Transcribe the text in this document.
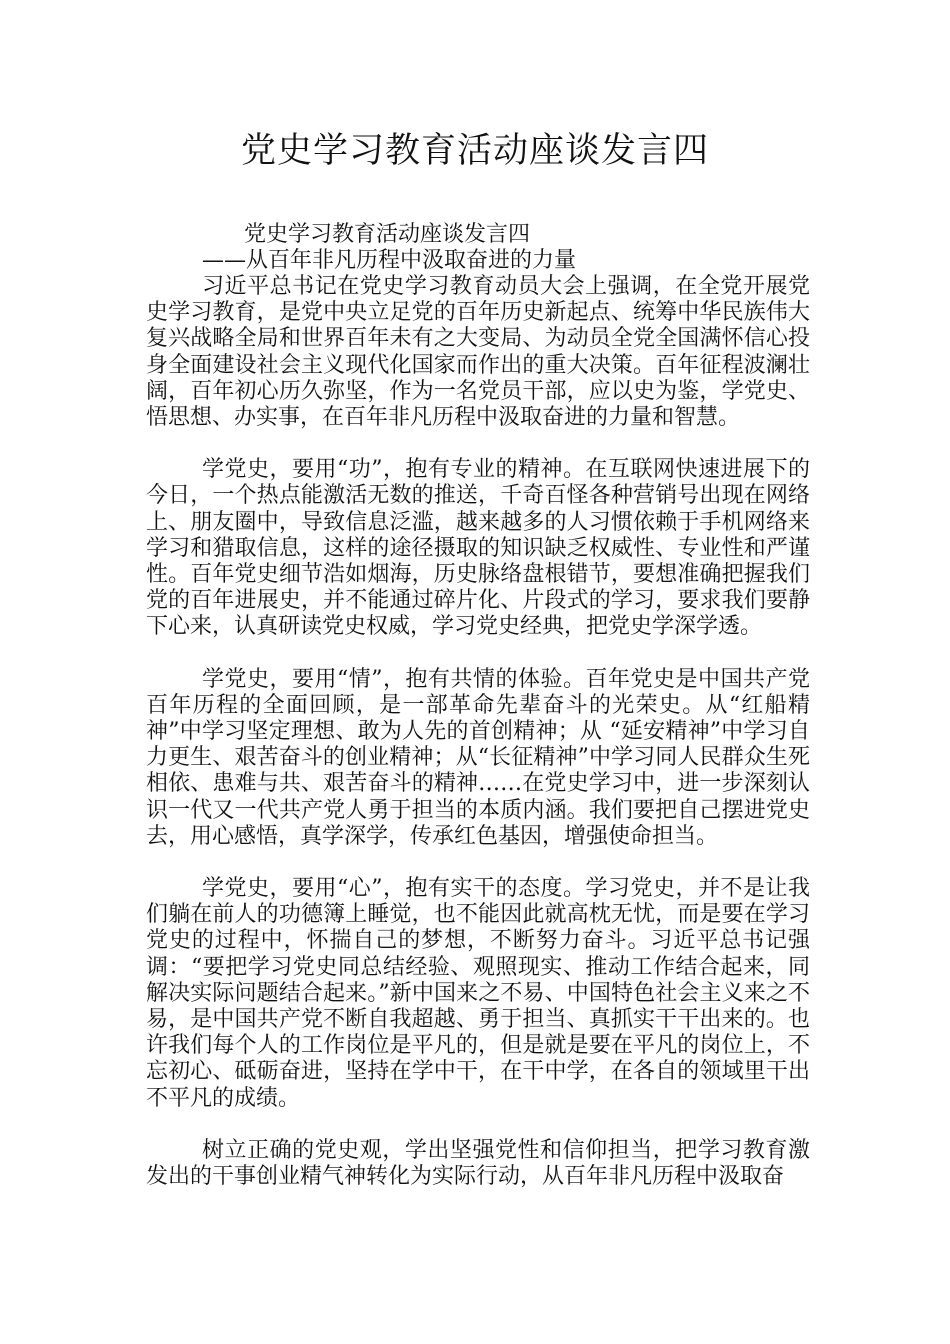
党史学习教育活动座谈发言四

党史学习教育活动座谈发言四

——从百年非凡历程中汲取奋进的力量

习近平总书记在党史学习教育动员大会上强调，在全党开展党史学习教育，是党中央立足党的百年历史新起点、统筹中华民族伟大复兴战略全局和世界百年未有之大变局、为动员全党全国满怀信心投身全面建设社会主义现代化国家而作出的重大决策。百年征程波澜壮阔，百年初心历久弥坚，作为一名党员干部，应以史为鉴，学党史、悟思想、办实事，在百年非凡历程中汲取奋进的力量和智慧。

学党史，要用“功”，抱有专业的精神。在互联网快速进展下的今日，一个热点能激活无数的推送，千奇百怪各种营销号出现在网络上、朋友圈中，导致信息泛滥，越来越多的人习惯依赖于手机网络来学习和猎取信息，这样的途径摄取的知识缺乏权威性、专业性和严谨性。百年党史细节浩如烟海，历史脉络盘根错节，要想准确把握我们党的百年进展史，并不能通过碎片化、片段式的学习，要求我们要静下心来，认真研读党史权威，学习党史经典，把党史学深学透。

学党史，要用“情”，抱有共情的体验。百年党史是中国共产党百年历程的全面回顾，是一部革命先辈奋斗的光荣史。从“红船精神”中学习坚定理想、敢为人先的首创精神；从 “延安精神”中学习自力更生、艰苦奋斗的创业精神；从“长征精神”中学习同人民群众生死相依、患难与共、艰苦奋斗的精神……在党史学习中，进一步深刻认识一代又一代共产党人勇于担当的本质内涵。我们要把自己摆进党史去，用心感悟，真学深学，传承红色基因，增强使命担当。

学党史，要用“心”，抱有实干的态度。学习党史，并不是让我们躺在前人的功德簿上睡觉，也不能因此就高枕无忧，而是要在学习党史的过程中，怀揣自己的梦想，不断努力奋斗。习近平总书记强调：“要把学习党史同总结经验、观照现实、推动工作结合起来，同解决实际问题结合起来。”新中国来之不易、中国特色社会主义来之不易，是中国共产党不断自我超越、勇于担当、真抓实干干出来的。也许我们每个人的工作岗位是平凡的，但是就是要在平凡的岗位上，不忘初心、砥砺奋进，坚持在学中干，在干中学，在各自的领域里干出不平凡的成绩。

树立正确的党史观，学出坚强党性和信仰担当，把学习教育激发出的干事创业精气神转化为实际行动，从百年非凡历程中汲取奋
